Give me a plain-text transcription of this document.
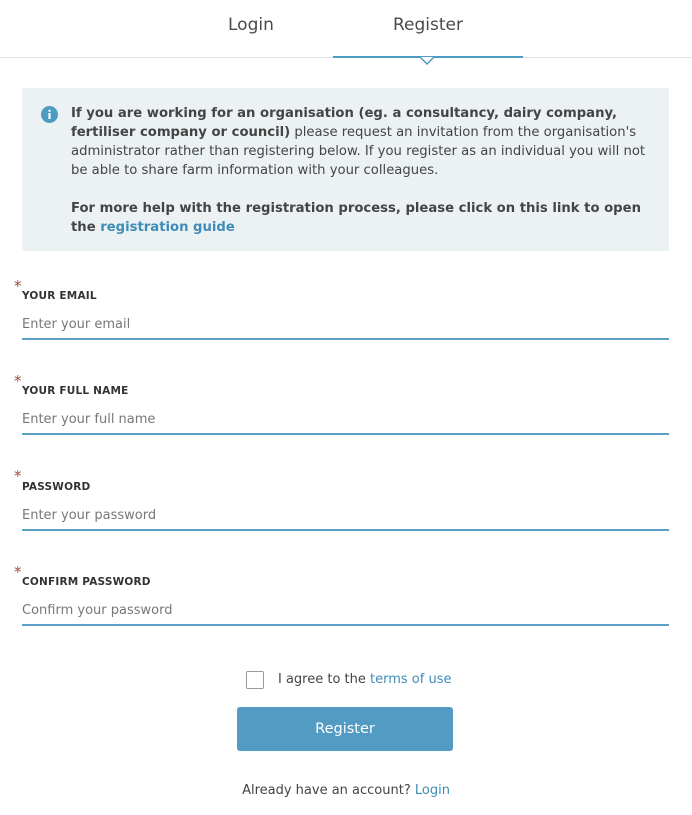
Login	Register

If you are working for an organisation (eg. a consultancy, dairy company, fertiliser company or council) please request an invitation from the organisation's administrator rather than registering below. If you register as an individual you will not be able to share farm information with your colleagues.

For more help with the registration process, please click on this link to open the registration guide

*
YOUR EMAIL
Enter your email
*
YOUR FULL NAME
Enter your full name
*
PASSWORD
*
CONFIRM PASSWORD
I agree to the terms of use
Register
Already have an account? Login
